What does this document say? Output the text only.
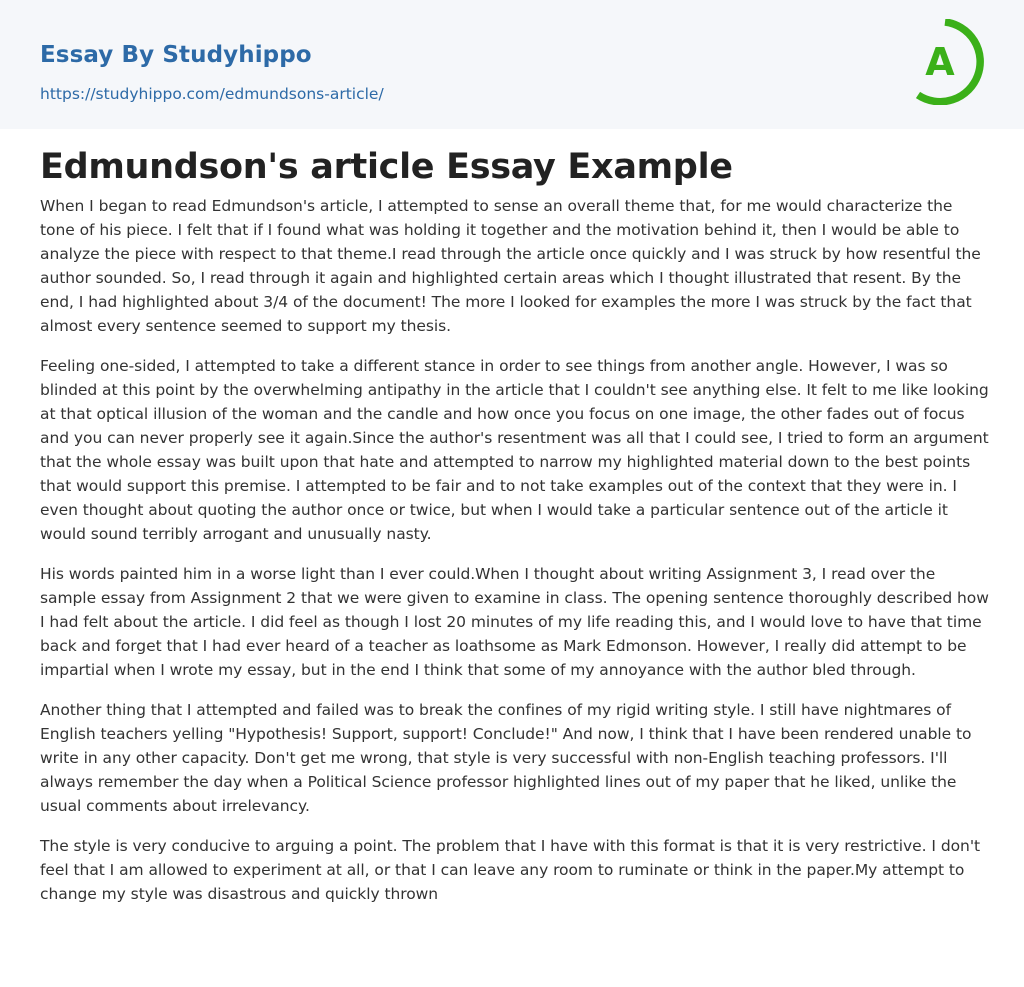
Essay By Studyhippo
https://studyhippo.com/edmundsons-article/
A
Edmundson's article Essay Example

When I began to read Edmundson's article, I attempted to sense an overall theme that, for me would characterize the tone of his piece. I felt that if I found what was holding it together and the motivation behind it, then I would be able to analyze the piece with respect to that theme.I read through the article once quickly and I was struck by how resentful the author sounded. So, I read through it again and highlighted certain areas which I thought illustrated that resent. By the end, I had highlighted about 3/4 of the document! The more I looked for examples the more I was struck by the fact that almost every sentence seemed to support my thesis.

Feeling one-sided, I attempted to take a different stance in order to see things from another angle. However, I was so blinded at this point by the overwhelming antipathy in the article that I couldn't see anything else. It felt to me like looking at that optical illusion of the woman and the candle and how once you focus on one image, the other fades out of focus and you can never properly see it again.Since the author's resentment was all that I could see, I tried to form an argument that the whole essay was built upon that hate and attempted to narrow my highlighted material down to the best points that would support this premise. I attempted to be fair and to not take examples out of the context that they were in. I even thought about quoting the author once or twice, but when I would take a particular sentence out of the article it would sound terribly arrogant and unusually nasty.

His words painted him in a worse light than I ever could.When I thought about writing Assignment 3, I read over the sample essay from Assignment 2 that we were given to examine in class. The opening sentence thoroughly described how I had felt about the article. I did feel as though I lost 20 minutes of my life reading this, and I would love to have that time back and forget that I had ever heard of a teacher as loathsome as Mark Edmonson. However, I really did attempt to be impartial when I wrote my essay, but in the end I think that some of my annoyance with the author bled through.

Another thing that I attempted and failed was to break the confines of my rigid writing style. I still have nightmares of English teachers yelling "Hypothesis! Support, support! Conclude!" And now, I think that I have been rendered unable to write in any other capacity. Don't get me wrong, that style is very successful with non-English teaching professors. I'll always remember the day when a Political Science professor highlighted lines out of my paper that he liked, unlike the usual comments about irrelevancy.

The style is very conducive to arguing a point. The problem that I have with this format is that it is very restrictive. I don't feel that I am allowed to experiment at all, or that I can leave any room to ruminate or think in the paper.My attempt to change my style was disastrous and quickly thrown
